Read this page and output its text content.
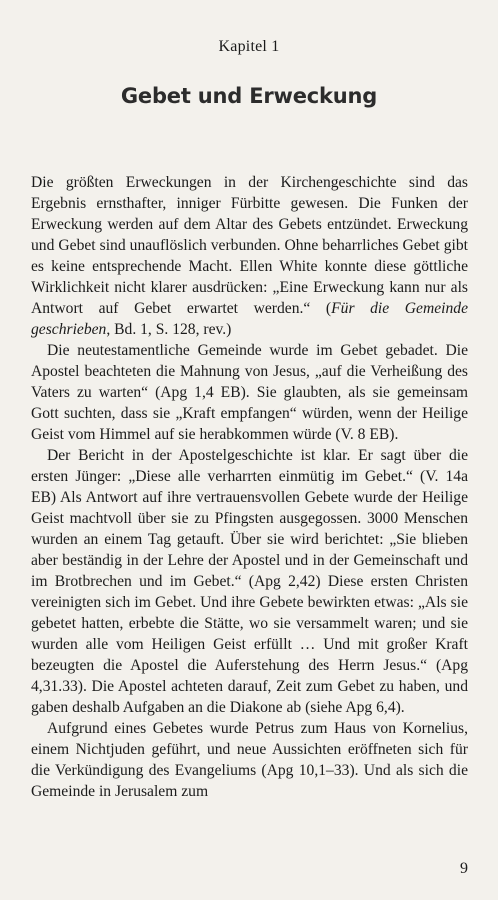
Kapitel 1
Gebet und Erweckung

Die größten Erweckungen in der Kirchengeschichte sind das Ergebnis ernsthafter, inniger Fürbitte gewesen. Die Funken der Erweckung werden auf dem Altar des Gebets entzündet. Erweckung und Gebet sind unauflöslich verbunden. Ohne beharrliches Gebet gibt es keine entsprechende Macht. Ellen White konnte diese göttliche Wirklichkeit nicht klarer ausdrücken: „Eine Erweckung kann nur als Antwort auf Gebet erwartet werden.“ (Für die Gemeinde geschrieben, Bd. 1, S. 128, rev.)

Die neutestamentliche Gemeinde wurde im Gebet gebadet. Die Apostel beachteten die Mahnung von Jesus, „auf die Verheißung des Vaters zu warten“ (Apg 1,4 EB). Sie glaubten, als sie gemeinsam Gott suchten, dass sie „Kraft empfangen“ würden, wenn der Heilige Geist vom Himmel auf sie herabkommen würde (V. 8 EB).

Der Bericht in der Apostelgeschichte ist klar. Er sagt über die ersten Jünger: „Diese alle verharrten einmütig im Gebet.“ (V. 14a EB) Als Antwort auf ihre vertrauensvollen Gebete wurde der Heilige Geist machtvoll über sie zu Pfingsten ausgegossen. 3000 Menschen wurden an einem Tag getauft. Über sie wird berichtet: „Sie blieben aber beständig in der Lehre der Apostel und in der Gemeinschaft und im Brotbrechen und im Gebet.“ (Apg 2,42) Diese ersten Christen vereinigten sich im Gebet. Und ihre Gebete bewirkten etwas: „Als sie gebetet hatten, erbebte die Stätte, wo sie versammelt waren; und sie wurden alle vom Heiligen Geist erfüllt … Und mit großer Kraft bezeugten die Apostel die Auferstehung des Herrn Jesus.“ (Apg 4,31.33). Die Apostel achteten darauf, Zeit zum Gebet zu haben, und gaben deshalb Aufgaben an die Diakone ab (siehe Apg 6,4).

Aufgrund eines Gebetes wurde Petrus zum Haus von Kornelius, einem Nichtjuden geführt, und neue Aussichten eröffneten sich für die Verkündigung des Evangeliums (Apg 10,1–33). Und als sich die Gemeinde in Jerusalem zum

9
